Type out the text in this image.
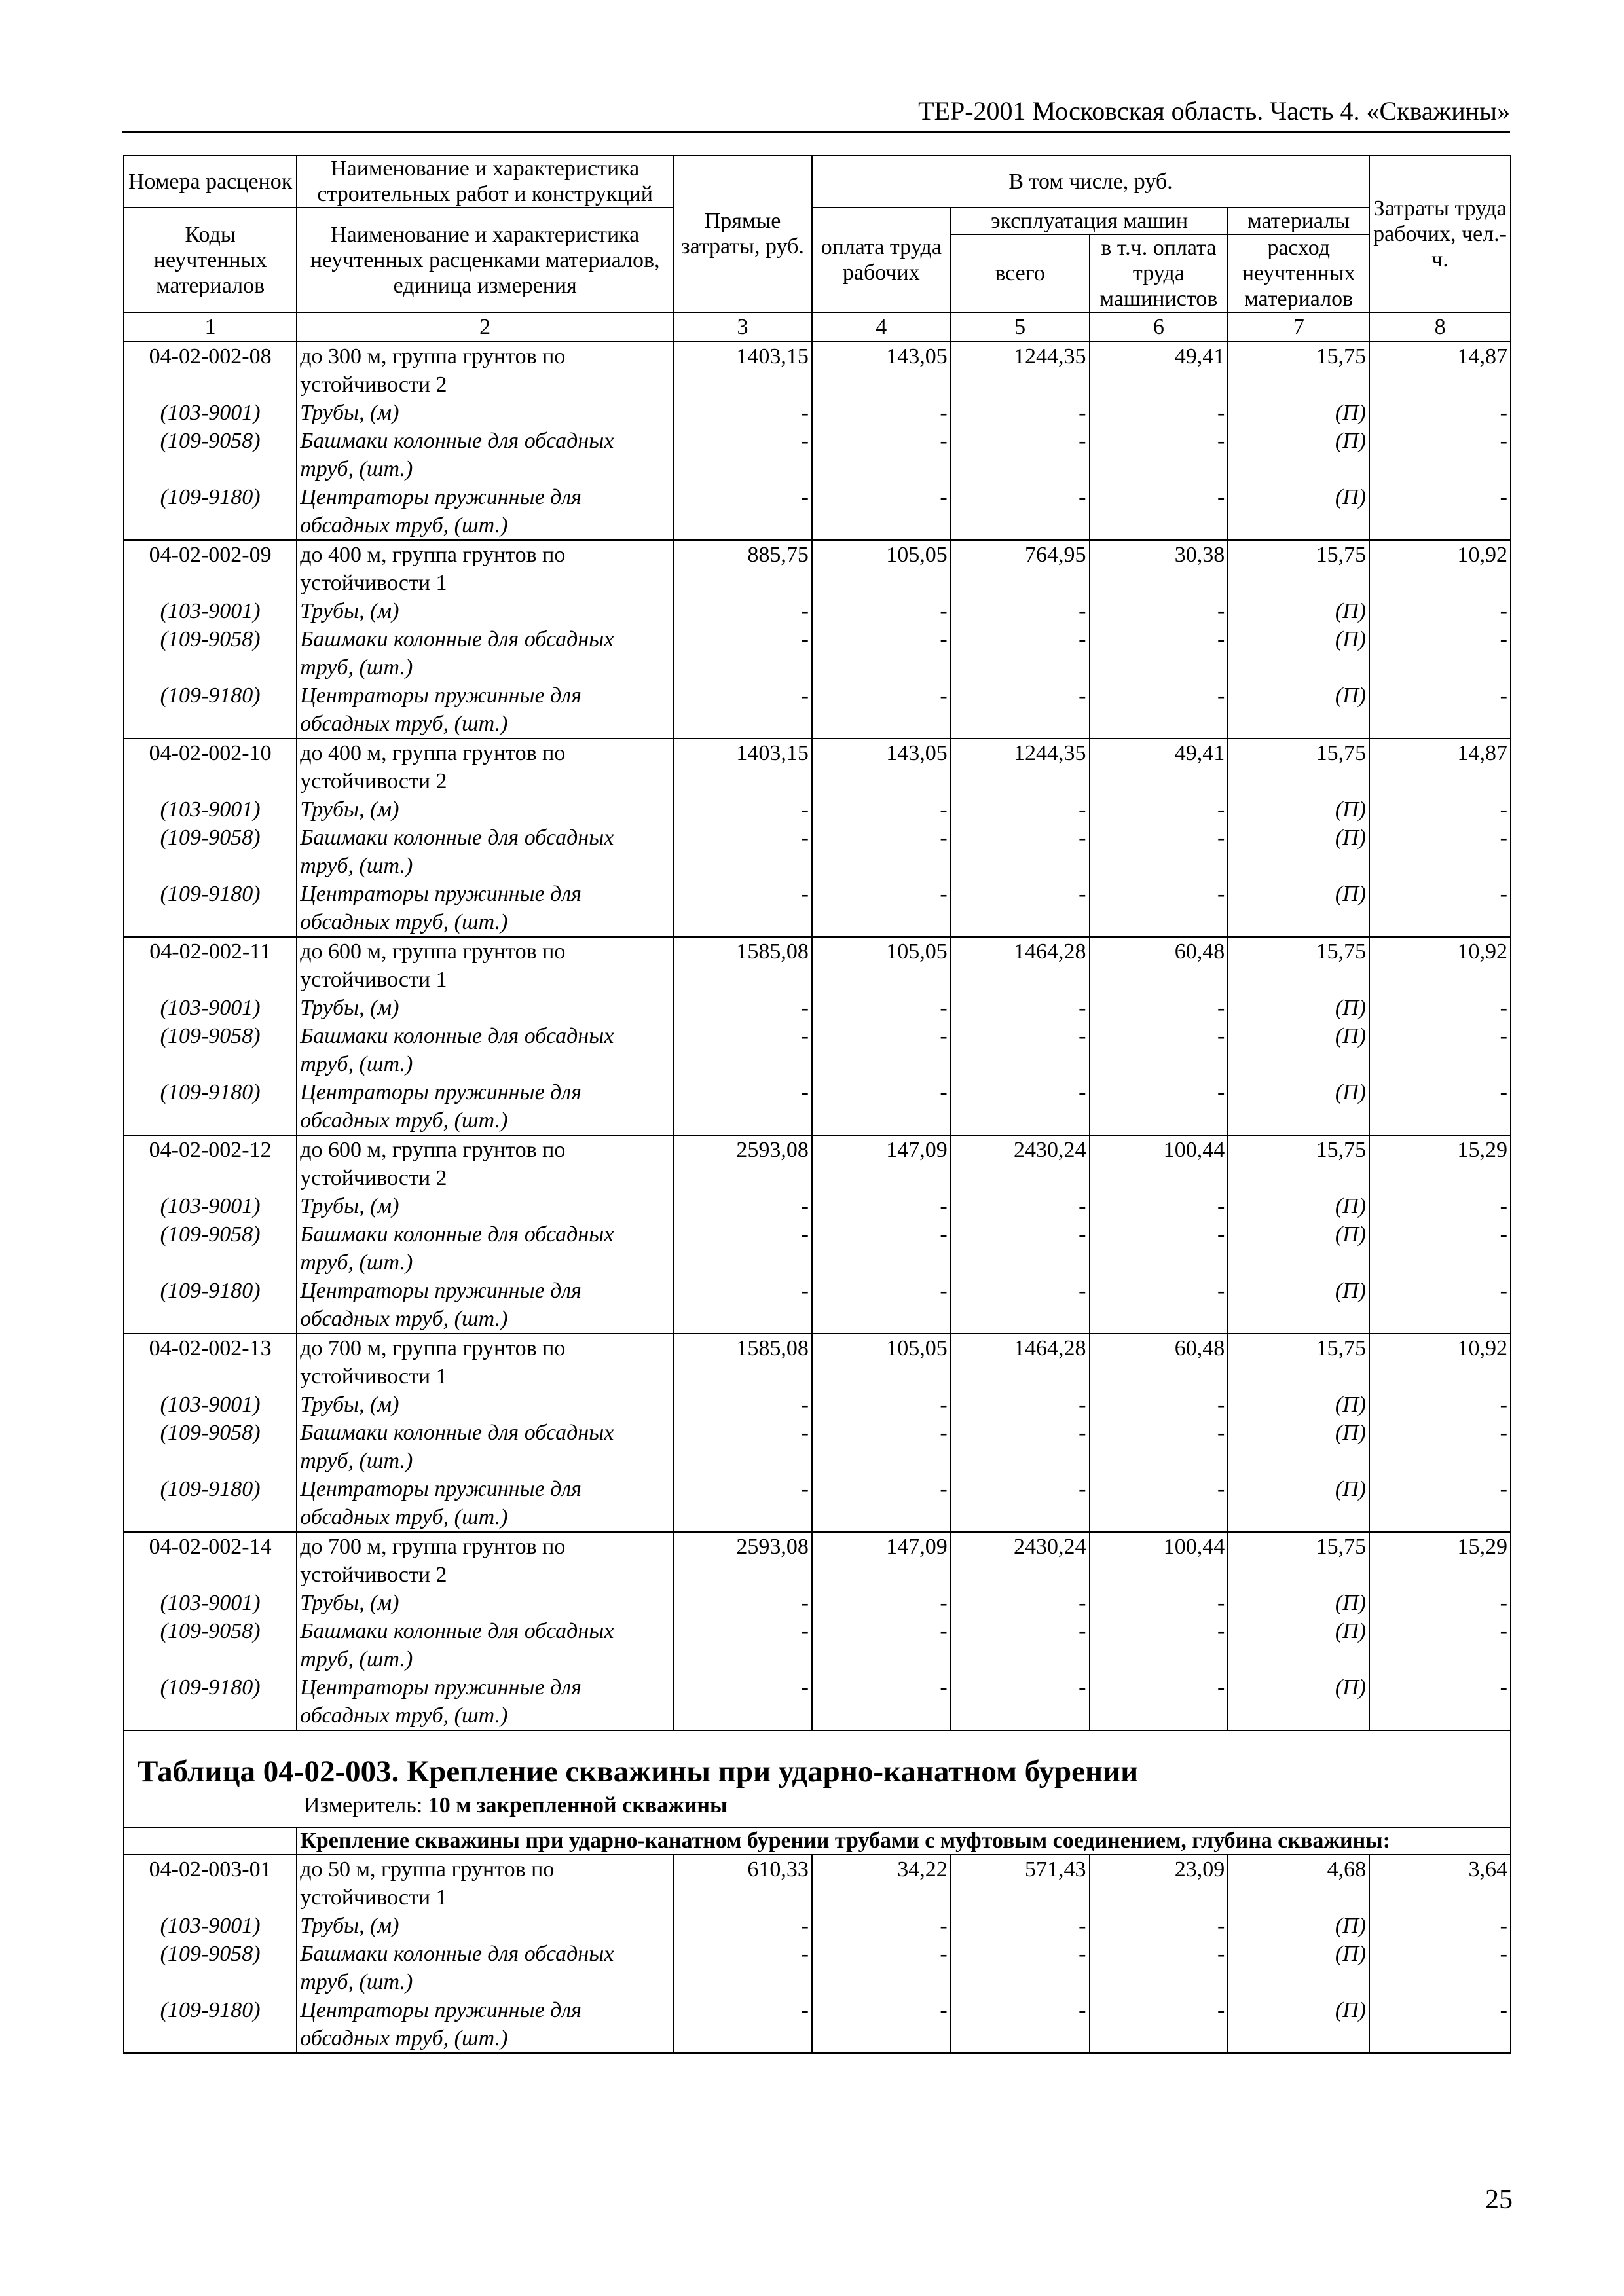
ТЕР-2001 Московская область. Часть 4. «Скважины»
Номера расценок	Наименование и характеристика строительных работ и конструкций	Прямые затраты, руб.	В том числе, руб.				Затраты труда рабочих, чел.-ч.
Коды неучтенных материалов	Наименование и характеристика неучтенных расценками материалов, единица измерения		оплата труда рабочих	эксплуатация машин		материалы	
				всего	в т.ч. оплата труда машинистов	расход неучтенных материалов	

1	2	3	4	5	6	7	8
04-02-002-08	до 300 м, группа грунтов по устойчивости 2	1403,15	143,05	1244,35	49,41	15,75	14,87
(103-9001)	Трубы, (м)	-	-	-	-	(П)	-
(109-9058)	Башмаки колонные для обсадных труб, (шт.)	-	-	-	-	(П)	-
(109-9180)	Центраторы пружинные для обсадных труб, (шт.)	-	-	-	-	(П)	-
04-02-002-09	до 400 м, группа грунтов по устойчивости 1	885,75	105,05	764,95	30,38	15,75	10,92
(103-9001)	Трубы, (м)	-	-	-	-	(П)	-
(109-9058)	Башмаки колонные для обсадных труб, (шт.)	-	-	-	-	(П)	-
(109-9180)	Центраторы пружинные для обсадных труб, (шт.)	-	-	-	-	(П)	-
04-02-002-10	до 400 м, группа грунтов по устойчивости 2	1403,15	143,05	1244,35	49,41	15,75	14,87
(103-9001)	Трубы, (м)	-	-	-	-	(П)	-
(109-9058)	Башмаки колонные для обсадных труб, (шт.)	-	-	-	-	(П)	-
(109-9180)	Центраторы пружинные для обсадных труб, (шт.)	-	-	-	-	(П)	-
04-02-002-11	до 600 м, группа грунтов по устойчивости 1	1585,08	105,05	1464,28	60,48	15,75	10,92
(103-9001)	Трубы, (м)	-	-	-	-	(П)	-
(109-9058)	Башмаки колонные для обсадных труб, (шт.)	-	-	-	-	(П)	-
(109-9180)	Центраторы пружинные для обсадных труб, (шт.)	-	-	-	-	(П)	-
04-02-002-12	до 600 м, группа грунтов по устойчивости 2	2593,08	147,09	2430,24	100,44	15,75	15,29
(103-9001)	Трубы, (м)	-	-	-	-	(П)	-
(109-9058)	Башмаки колонные для обсадных труб, (шт.)	-	-	-	-	(П)	-
(109-9180)	Центраторы пружинные для обсадных труб, (шт.)	-	-	-	-	(П)	-
04-02-002-13	до 700 м, группа грунтов по устойчивости 1	1585,08	105,05	1464,28	60,48	15,75	10,92
(103-9001)	Трубы, (м)	-	-	-	-	(П)	-
(109-9058)	Башмаки колонные для обсадных труб, (шт.)	-	-	-	-	(П)	-
(109-9180)	Центраторы пружинные для обсадных труб, (шт.)	-	-	-	-	(П)	-
04-02-002-14	до 700 м, группа грунтов по устойчивости 2	2593,08	147,09	2430,24	100,44	15,75	15,29
(103-9001)	Трубы, (м)	-	-	-	-	(П)	-
(109-9058)	Башмаки колонные для обсадных труб, (шт.)	-	-	-	-	(П)	-
(109-9180)	Центраторы пружинные для обсадных труб, (шт.)	-	-	-	-	(П)	-

Таблица 04-02-003. Крепление скважины при ударно-канатном бурении
Измеритель: 10 м закрепленной скважины							

	Крепление скважины при ударно-канатном бурении трубами с муфтовым соединением, глубина скважины:						
04-02-003-01	до 50 м, группа грунтов по устойчивости 1	610,33	34,22	571,43	23,09	4,68	3,64
(103-9001)	Трубы, (м)	-	-	-	-	(П)	-
(109-9058)	Башмаки колонные для обсадных труб, (шт.)	-	-	-	-	(П)	-
(109-9180)	Центраторы пружинные для обсадных труб, (шт.)	-	-	-	-	(П)	-
25
